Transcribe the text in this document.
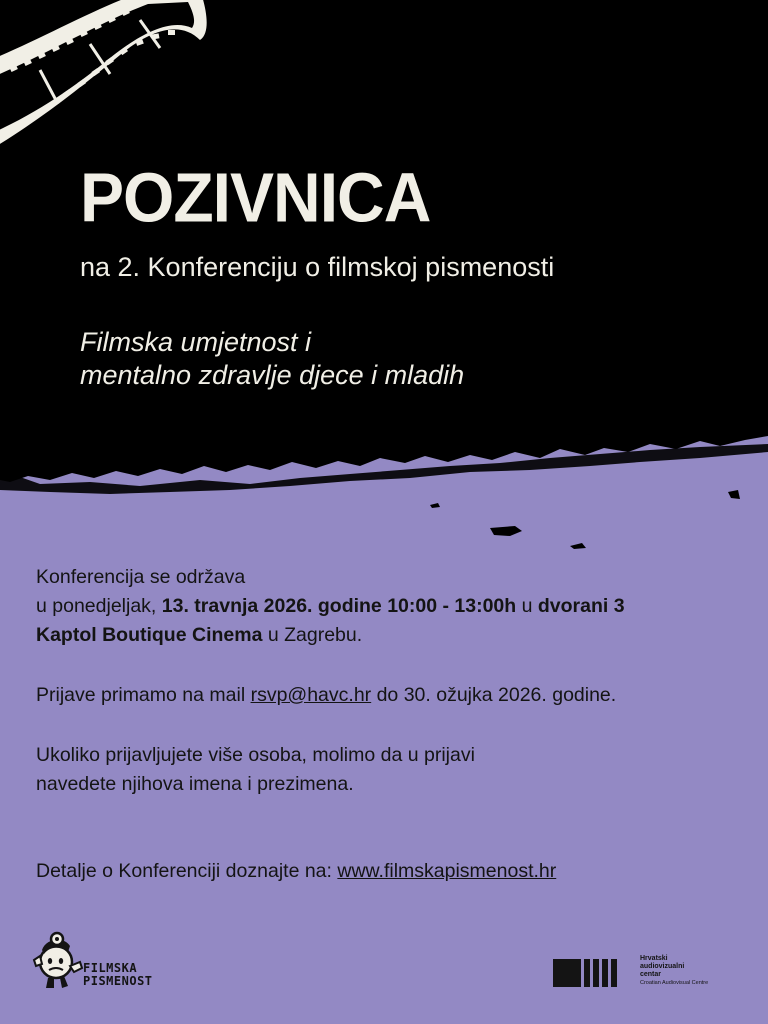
POZIVNICA
na 2. Konferenciju o filmskoj pismenosti
Filmska umjetnost i
mentalno zdravlje djece i mladih
Konferencija se održava
u ponedjeljak, 13. travnja 2026. godine 10:00 - 13:00h u dvorani 3
Kaptol Boutique Cinema u Zagrebu.
Prijave primamo na mail rsvp@havc.hr do 30. ožujka 2026. godine.
Ukoliko prijavljujete više osoba, molimo da u prijavi
navedete njihova imena i prezimena.
Detalje o Konferenciji doznajte na: www.filmskapismenost.hr
FILMSKA
PISMENOST
Hrvatski
audiovizualni
centar
Croatian Audiovisual Centre
